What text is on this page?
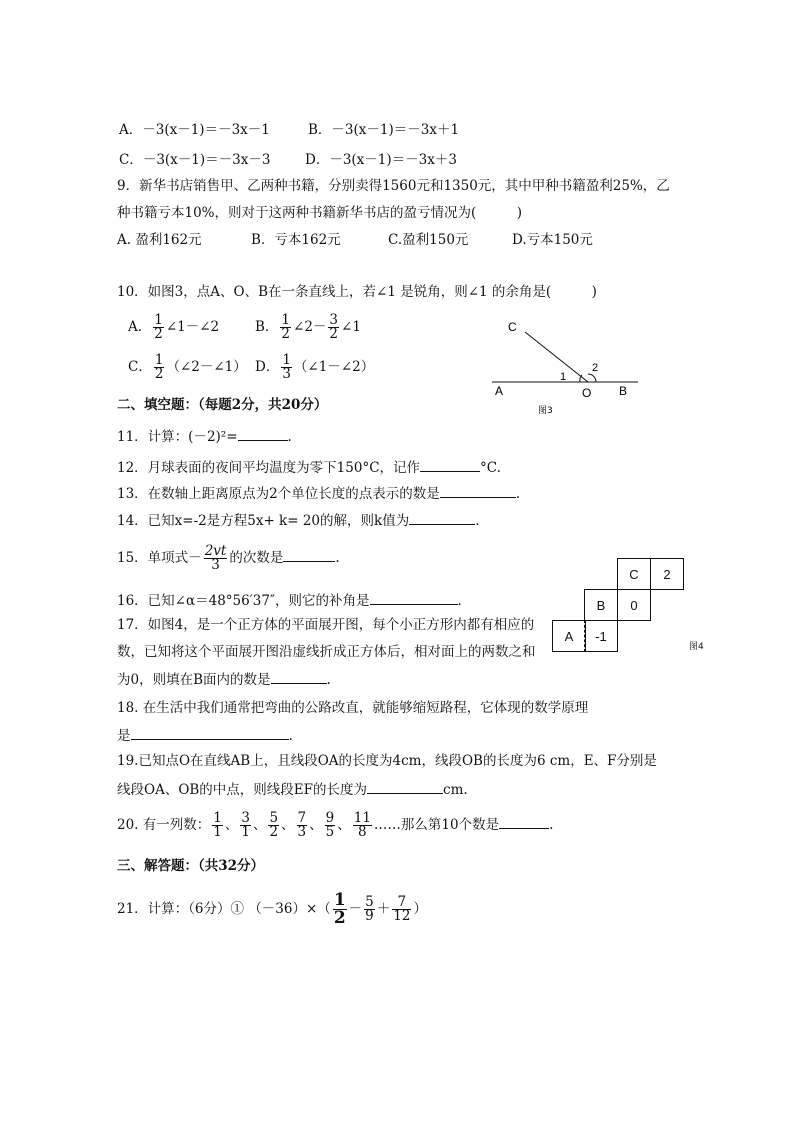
A．－3(x－1)＝－3x－1	B．－3(x－1)＝－3x＋1
C．－3(x－1)＝－3x－3	D．－3(x－1)＝－3x＋3
9．新华书店销售甲、乙两种书籍，分别卖得1560元和1350元，其中甲种书籍盈利25%，乙
种书籍亏本10%，则对于这两种书籍新华书店的盈亏情况为(　　　)
A. 盈利162元	B．亏本162元	C.盈利150元	D.亏本150元
10．如图3，点A、O、B在一条直线上，若∠1 是锐角，则∠1 的余角是(　　　)
A． $\frac{1}{2}$ ∠1－∠2	B． $\frac{1}{2}$ ∠2－ $\frac{3}{2}$ ∠1
C． $\frac{1}{2}$ （∠2－∠1） D． $\frac{1}{3}$ （∠1－∠2）
C
A	O B
1
2
图3
二、填空题：（每题2分，共20分）
11．计算：(－2)²=	.
12．月球表面的夜间平均温度为零下150°C，记作	°C.
13．在数轴上距离原点为2个单位长度的点表示的数是	.
14．已知x=-2是方程5x+ k= 20的解，则k值为	.
15．单项式－ $\frac{2vt}{3}$ 的次数是	.
16．已知∠α＝48°56′37″，则它的补角是	.
17．如图4，是一个正方体的平面展开图，每个小正方形内都有相应的
数，已知将这个平面展开图沿虚线折成正方体后，相对面上的两数之和
为0，则填在B面内的数是	.
C	2
B	0
A	-1
图4
18. 在生活中我们通常把弯曲的公路改直，就能够缩短路程，它体现的数学原理
是	.
19.已知点O在直线AB上，且线段OA的长度为4cm，线段OB的长度为6 cm，E、F分别是
线段OA、OB的中点，则线段EF的长度为	cm.
20. 有一列数： $\frac{1}{1}$ 、 $\frac{3}{1}$ 、 $\frac{5}{2}$ 、 $\frac{7}{3}$ 、 $\frac{9}{5}$ 、 $\frac{11}{8}$ ……那么第10个数是	.
三、解答题：（共32分）
21．计算：（6分）① $(-36)\times( \frac{1}{2} - \frac{5}{9} + \frac{7}{12}$ ）
